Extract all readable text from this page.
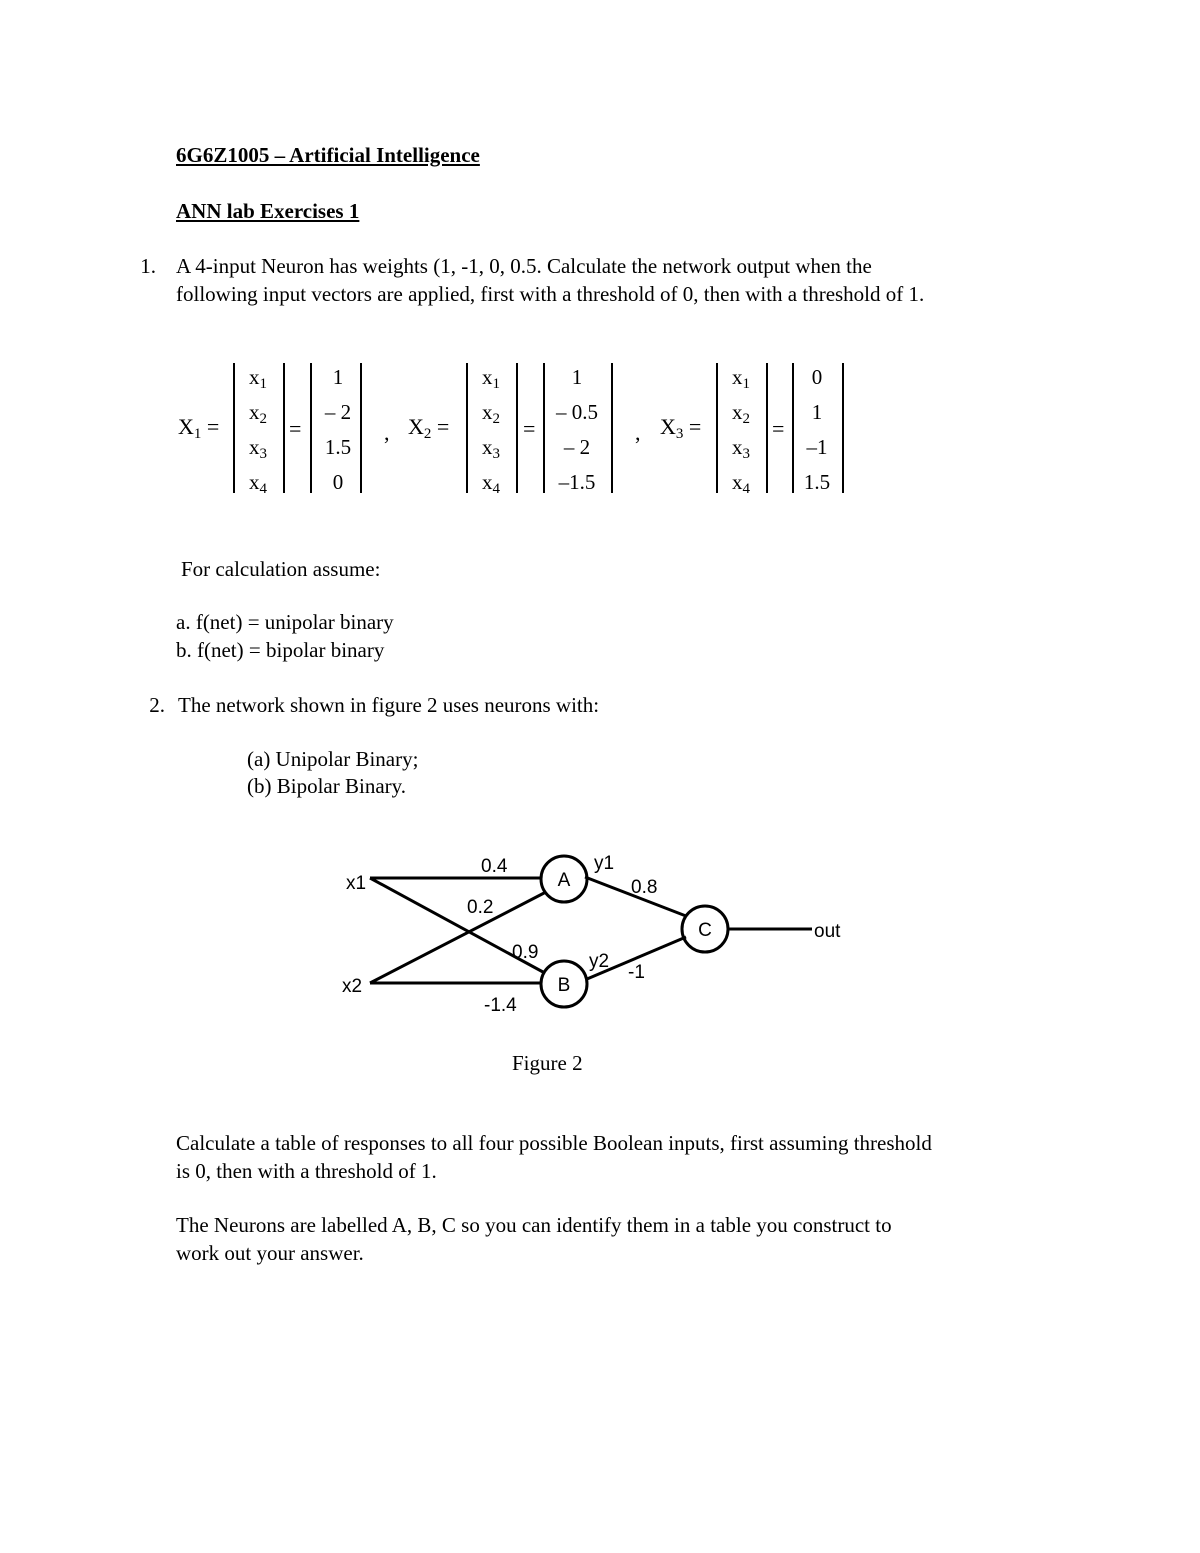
6G6Z1005 – Artificial Intelligence
ANN lab Exercises 1
1. A 4-input Neuron has weights (1, -1, 0, 0.5. Calculate the network output when the
following input vectors are applied, first with a threshold of 0, then with a threshold of 1.
$X_1$ =
$x_1$
$x_2$
$x_3$
$x_4$
=
1
– 2
1.5
0
, $X_2$ =
$x_1$
$x_2$
$x_3$
$x_4$
=
1
– 0.5
– 2
–1.5
, $X_3$ =
$x_1$
$x_2$
$x_3$
$x_4$
=
0
1
–1
1.5
For calculation assume:
a. f(net) = unipolar binary
b. f(net) = bipolar binary
2. The network shown in figure 2 uses neurons with:
(a) Unipolar Binary;
(b) Bipolar Binary.
x1
x2
A
B
C
y1
y2
out
0.4
0.2
0.9
-1.4
0.8
-1
Figure 2
Calculate a table of responses to all four possible Boolean inputs, first assuming threshold
is 0, then with a threshold of 1.
The Neurons are labelled A, B, C so you can identify them in a table you construct to
work out your answer.
